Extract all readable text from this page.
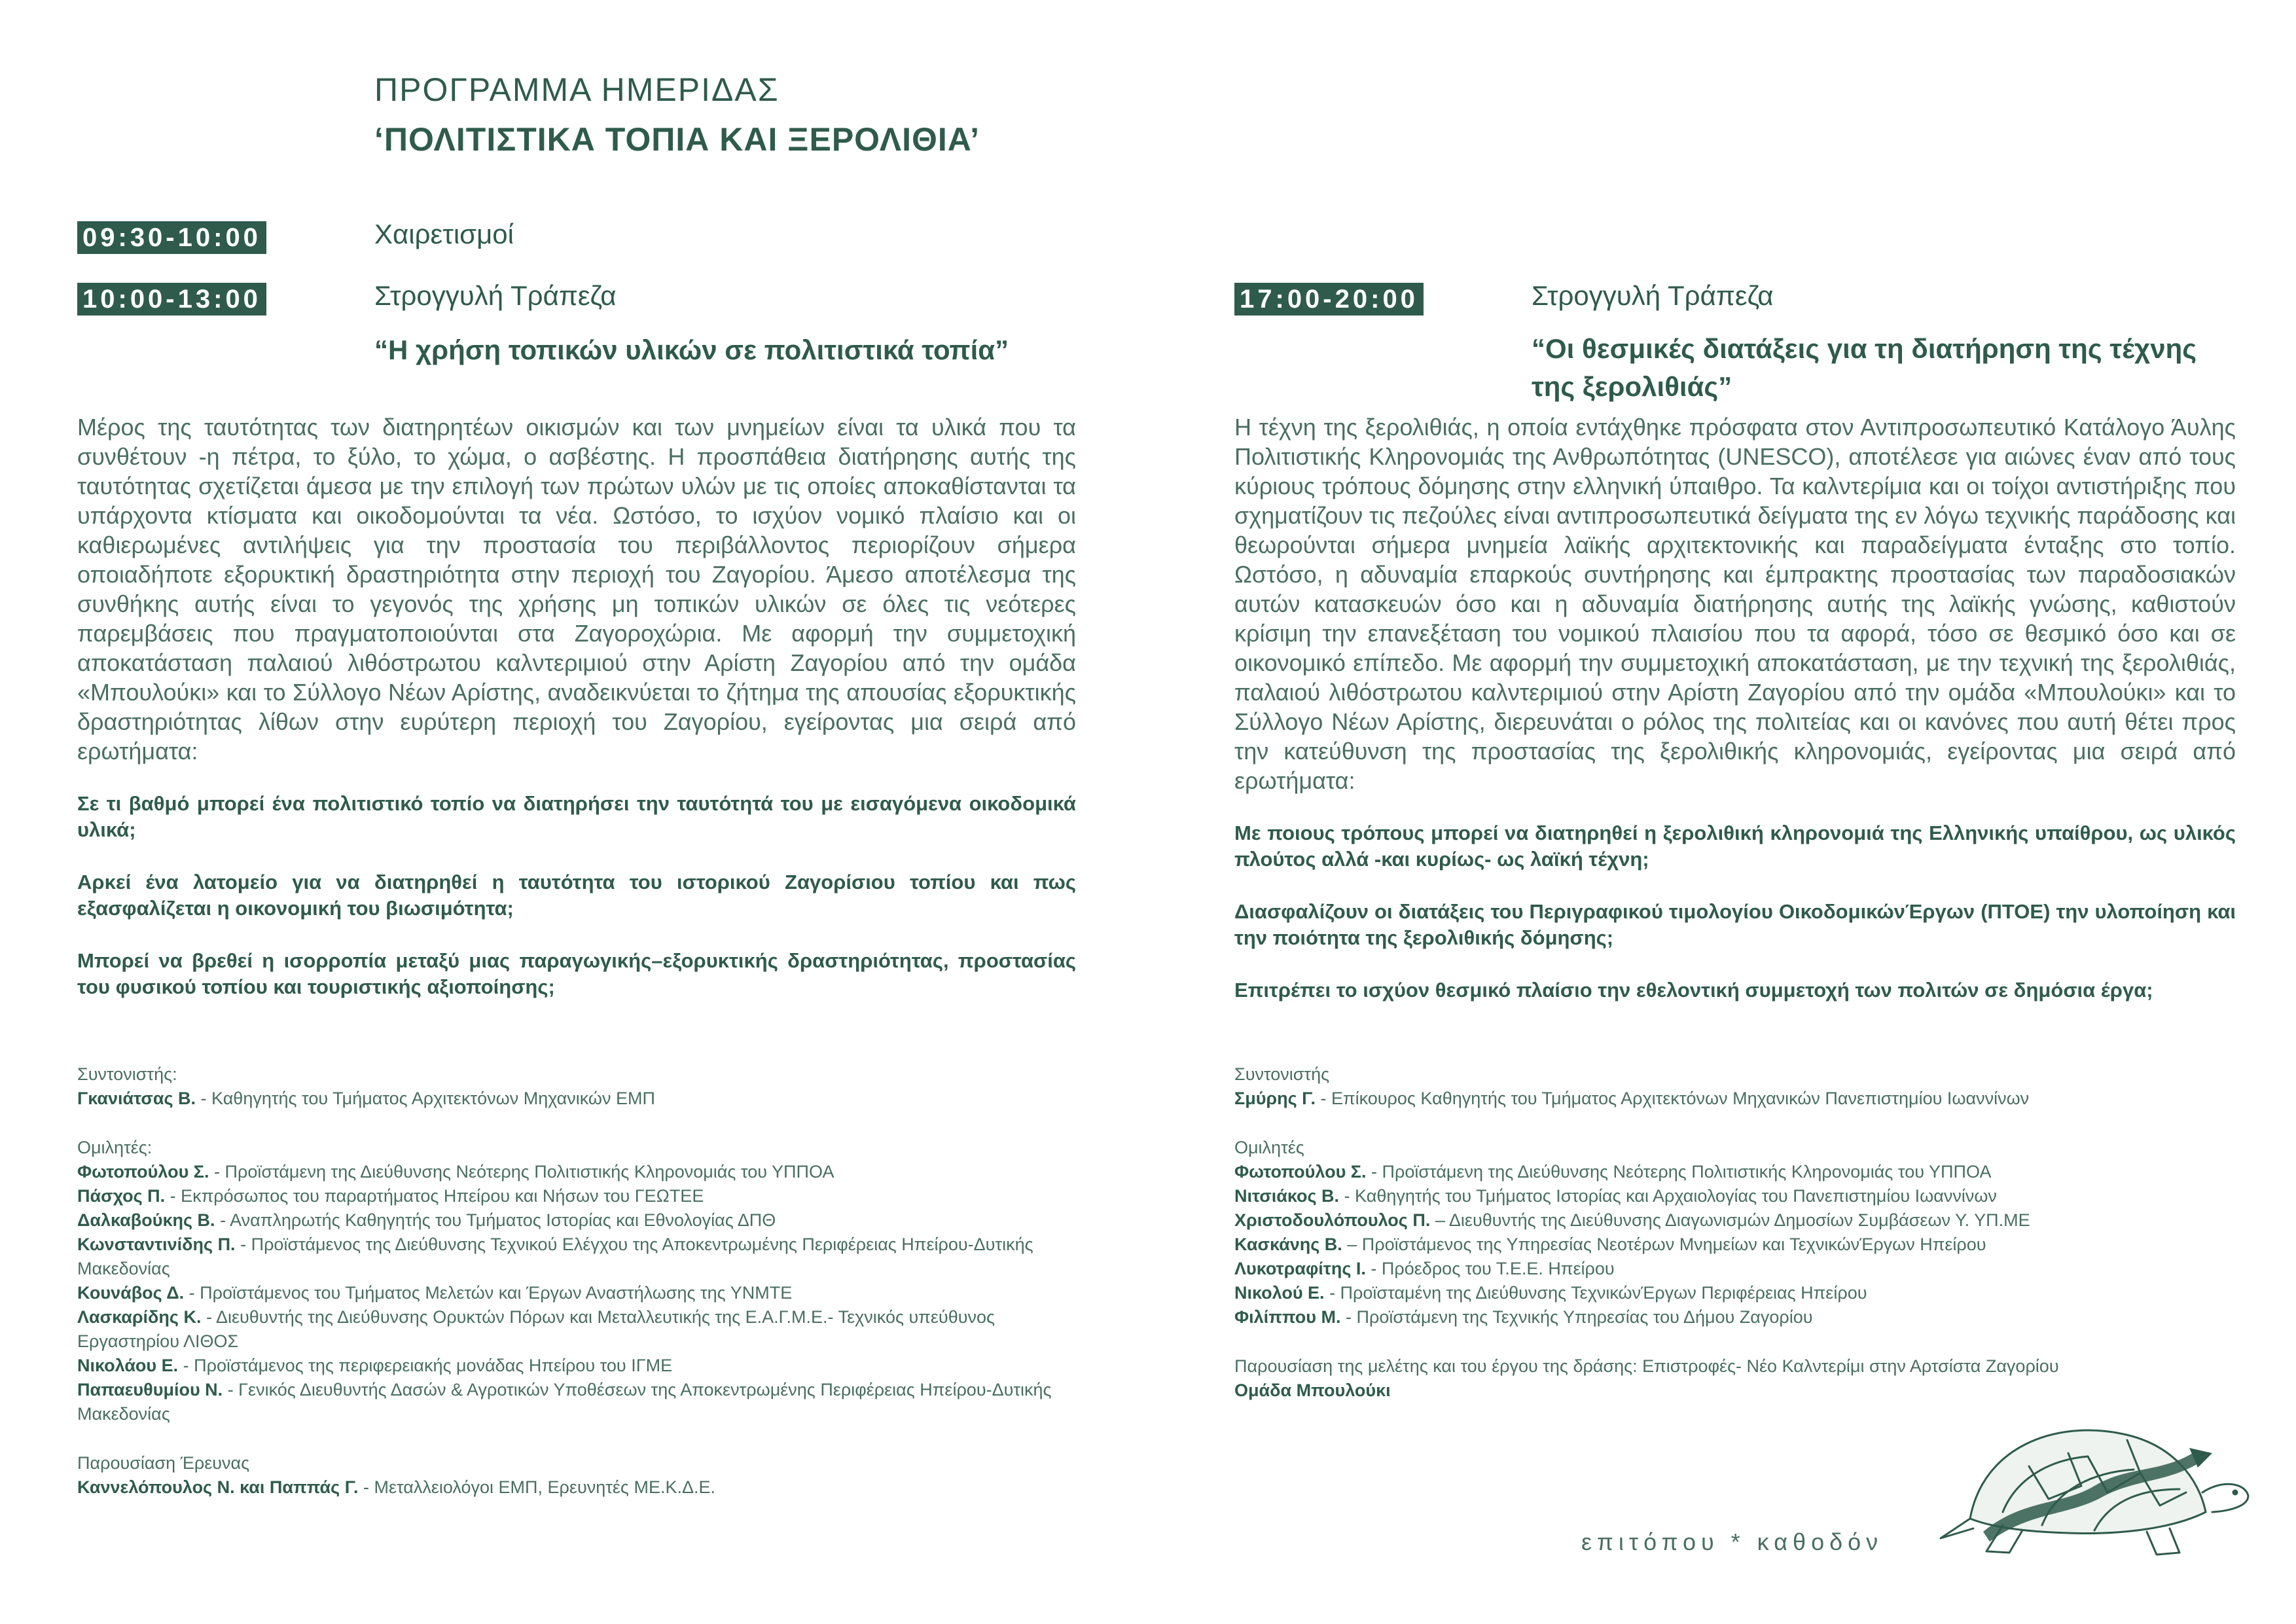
ΠΡΟΓΡΑΜΜΑ ΗΜΕΡΙΔΑΣ
‘ΠΟΛΙΤΙΣΤΙΚΑ ΤΟΠΙΑ ΚΑΙ ΞΕΡΟΛΙΘΙΑ’
09:30-10:00	Χαιρετισμοί
10:00-13:00	Στρογγυλή Τράπεζα
“Η χρήση τοπικών υλικών σε πολιτιστικά τοπία”

Μέρος της ταυτότητας των διατηρητέων οικισμών και των μνημείων είναι τα υλικά που τα συνθέτουν -η πέτρα, το ξύλο, το χώμα, ο ασβέστης. Η προσπάθεια διατήρησης αυτής της ταυτότητας σχετίζεται άμεσα με την επιλογή των πρώτων υλών με τις οποίες αποκαθίστανται τα υπάρχοντα κτίσματα και οικοδομούνται τα νέα. Ωστόσο, το ισχύον νομικό πλαίσιο και οι καθιερωμένες αντιλήψεις για την προστασία του περιβάλλοντος περιορίζουν σήμερα οποιαδήποτε εξορυκτική δραστηριότητα στην περιοχή του Ζαγορίου. Άμεσο αποτέλεσμα της συνθήκης αυτής είναι το γεγονός της χρήσης μη τοπικών υλικών σε όλες τις νεότερες παρεμβάσεις που πραγματοποιούνται στα Ζαγοροχώρια. Με αφορμή την συμμετοχική αποκατάσταση παλαιού λιθόστρωτου καλντεριμιού στην Αρίστη Ζαγορίου από την ομάδα «Μπουλούκι» και το Σύλλογο Νέων Αρίστης, αναδεικνύεται το ζήτημα της απουσίας εξορυκτικής δραστηριότητας λίθων στην ευρύτερη περιοχή του Ζαγορίου, εγείροντας μια σειρά από ερωτήματα:

Σε τι βαθμό μπορεί ένα πολιτιστικό τοπίο να διατηρήσει την ταυτότητά του με εισαγόμενα οικοδομικά υλικά;

Αρκεί ένα λατομείο για να διατηρηθεί η ταυτότητα του ιστορικού Ζαγορίσιου τοπίου και πως εξασφαλίζεται η οικονομική του βιωσιμότητα;

Μπορεί να βρεθεί η ισορροπία μεταξύ μιας παραγωγικής–εξορυκτικής δραστηριότητας, προστασίας του φυσικού τοπίου και τουριστικής αξιοποίησης;

Συντονιστής:

Γκανιάτσας Β. - Καθηγητής του Τμήματος Αρχιτεκτόνων Μηχανικών ΕΜΠ

Ομιλητές:

Φωτοπούλου Σ. - Προϊστάμενη της Διεύθυνσης Νεότερης Πολιτιστικής Κληρονομιάς του ΥΠΠΟΑ

Πάσχος Π. - Εκπρόσωπος του παραρτήματος Ηπείρου και Νήσων του ΓΕΩΤΕΕ

Δαλκαβούκης Β. - Αναπληρωτής Καθηγητής του Τμήματος Ιστορίας και Εθνολογίας ΔΠΘ

Κωνσταντινίδης Π. - Προϊστάμενος της Διεύθυνσης Τεχνικού Ελέγχου της Αποκεντρωμένης Περιφέρειας Ηπείρου-Δυτικής Μακεδονίας

Κουνάβος Δ. - Προϊστάμενος του Τμήματος Μελετών και Έργων Αναστήλωσης της ΥΝΜΤΕ

Λασκαρίδης Κ. - Διευθυντής της Διεύθυνσης Ορυκτών Πόρων και Μεταλλευτικής της Ε.Α.Γ.Μ.Ε.- Τεχνικός υπεύθυνος Εργαστηρίου ΛΙΘΟΣ

Νικολάου Ε. - Προϊστάμενος της περιφερειακής μονάδας Ηπείρου του ΙΓΜΕ

Παπαευθυμίου Ν. - Γενικός Διευθυντής Δασών & Αγροτικών Υποθέσεων της Αποκεντρωμένης Περιφέρειας Ηπείρου-Δυτικής Μακεδονίας

Παρουσίαση Έρευνας

Καννελόπουλος Ν. και Παππάς Γ. - Μεταλλειολόγοι ΕΜΠ, Ερευνητές ΜΕ.Κ.Δ.Ε.

17:00-20:00	Στρογγυλή Τράπεζα
“Οι θεσμικές διατάξεις για τη διατήρηση της τέχνης
της ξερολιθιάς”

Η τέχνη της ξερολιθιάς, η οποία εντάχθηκε πρόσφατα στον Αντιπροσωπευτικό Κατάλογο Άυλης Πολιτιστικής Κληρονομιάς της Ανθρωπότητας (UNESCO), αποτέλεσε για αιώνες έναν από τους κύριους τρόπους δόμησης στην ελληνική ύπαιθρο. Τα καλντερίμια και οι τοίχοι αντιστήριξης που σχηματίζουν τις πεζούλες είναι αντιπροσωπευτικά δείγματα της εν λόγω τεχνικής παράδοσης και θεωρούνται σήμερα μνημεία λαϊκής αρχιτεκτονικής και παραδείγματα ένταξης στο τοπίο. Ωστόσο, η αδυναμία επαρκούς συντήρησης και έμπρακτης προστασίας των παραδοσιακών αυτών κατασκευών όσο και η αδυναμία διατήρησης αυτής της λαϊκής γνώσης, καθιστούν κρίσιμη την επανεξέταση του νομικού πλαισίου που τα αφορά, τόσο σε θεσμικό όσο και σε οικονομικό επίπεδο. Με αφορμή την συμμετοχική αποκατάσταση, με την τεχνική της ξερολιθιάς, παλαιού λιθόστρωτου καλντεριμιού στην Αρίστη Ζαγορίου από την ομάδα «Μπουλούκι» και το Σύλλογο Νέων Αρίστης, διερευνάται ο ρόλος της πολιτείας και οι κανόνες που αυτή θέτει προς την κατεύθυνση της προστασίας της ξερολιθικής κληρονομιάς, εγείροντας μια σειρά από ερωτήματα:

Με ποιους τρόπους μπορεί να διατηρηθεί η ξερολιθική κληρονομιά της Ελληνικής υπαίθρου, ως υλικός πλούτος αλλά -και κυρίως- ως λαϊκή τέχνη;

Διασφαλίζουν οι διατάξεις του Περιγραφικού τιμολογίου ΟικοδομικώνΈργων (ΠΤΟΕ) την υλοποίηση και την ποιότητα της ξερολιθικής δόμησης;

Επιτρέπει το ισχύον θεσμικό πλαίσιο την εθελοντική συμμετοχή των πολιτών σε δημόσια έργα;

Συντονιστής

Σμύρης Γ. - Επίκουρος Καθηγητής του Τμήματος Αρχιτεκτόνων Μηχανικών Πανεπιστημίου Ιωαννίνων

Ομιλητές

Φωτοπούλου Σ. - Προϊστάμενη της Διεύθυνσης Νεότερης Πολιτιστικής Κληρονομιάς του ΥΠΠΟΑ

Νιτσιάκος Β. - Καθηγητής του Τμήματος Ιστορίας και Αρχαιολογίας του Πανεπιστημίου Ιωαννίνων

Χριστοδουλόπουλος Π. – Διευθυντής της Διεύθυνσης Διαγωνισμών Δημοσίων Συμβάσεων Υ. ΥΠ.ΜΕ

Κασκάνης Β. – Προϊστάμενος της Υπηρεσίας Νεοτέρων Μνημείων και ΤεχνικώνΈργων Ηπείρου

Λυκοτραφίτης Ι. - Πρόεδρος του Τ.Ε.Ε. Ηπείρου

Νικολού Ε. - Προϊσταμένη της Διεύθυνσης ΤεχνικώνΈργων Περιφέρειας Ηπείρου

Φιλίππου Μ. - Προϊστάμενη της Τεχνικής Υπηρεσίας του Δήμου Ζαγορίου

Παρουσίαση της μελέτης και του έργου της δράσης: Επιστροφές- Νέο Καλντερίμι στην Αρτσίστα Ζαγορίου

Ομάδα Μπουλούκι

επιτόπου * καθοδόν
